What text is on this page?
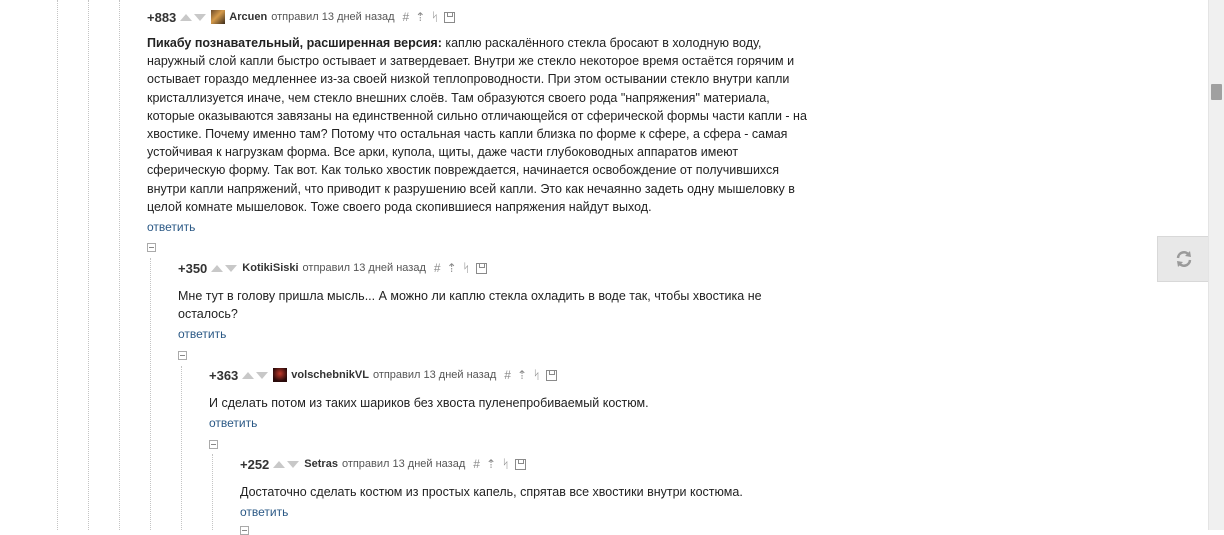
+883	Arcuen отправил 13 дней назад # ⇡ ᛋ
Пикабу познавательный, расширенная версия: каплю раскалённого стекла бросают в холодную воду, наружный слой капли быстро остывает и затвердевает. Внутри же стекло некоторое время остаётся горячим и остывает гораздо медленнее из-за своей низкой теплопроводности. При этом остывании стекло внутри капли кристаллизуется иначе, чем стекло внешних слоёв. Там образуются своего рода "напряжения" материала, которые оказываются завязаны на единственной сильно отличающейся от сферической формы части капли - на хвостике. Почему именно там? Потому что остальная часть капли близка по форме к сфере, а сфера - самая устойчивая к нагрузкам форма. Все арки, купола, щиты, даже части глубоководных аппаратов имеют сферическую форму. Так вот. Как только хвостик повреждается, начинается освобождение от получившихся внутри капли напряжений, что приводит к разрушению всей капли. Это как нечаянно задеть одну мышеловку в целой комнате мышеловок. Тоже своего рода скопившиеся напряжения найдут выход.
ответить
+350	KotikiSiski отправил 13 дней назад # ⇡ ᛋ
Мне тут в голову пришла мысль... А можно ли каплю стекла охладить в воде так, чтобы хвостика не осталось?
ответить
+363	volschebnikVL отправил 13 дней назад # ⇡ ᛋ
И сделать потом из таких шариков без хвоста пуленепробиваемый костюм.
ответить
+252	Setras отправил 13 дней назад # ⇡ ᛋ
Достаточно сделать костюм из простых капель, спрятав все хвостики внутри костюма.
ответить
